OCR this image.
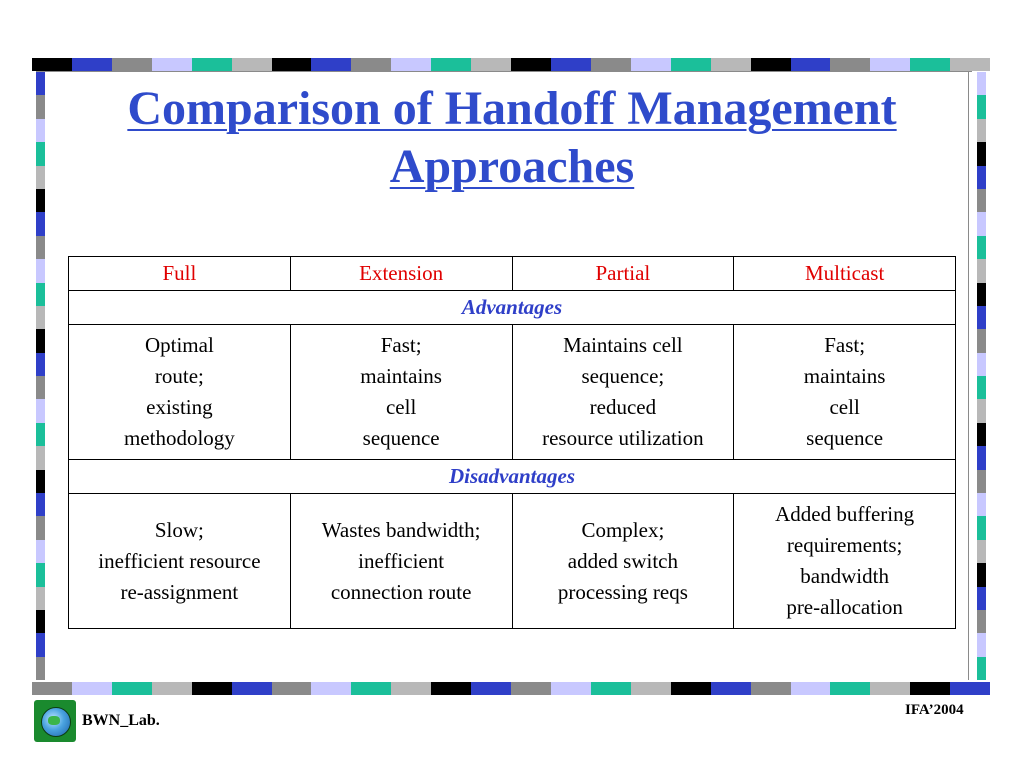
Comparison of Handoff Management
Approaches
Full	Extension	Partial	Multicast
Advantages			

Optimal
route;
existing
methodology	Fast;
maintains
cell
sequence	Maintains cell
sequence;
reduced
resource utilization	Fast;
maintains
cell
sequence

Disadvantages			

Slow;
inefficient resource
re-assignment	Wastes bandwidth;
inefficient
connection route	Complex;
added switch
processing reqs	Added buffering
requirements;
bandwidth
pre-allocation
BWN_Lab.
IFA’2004
